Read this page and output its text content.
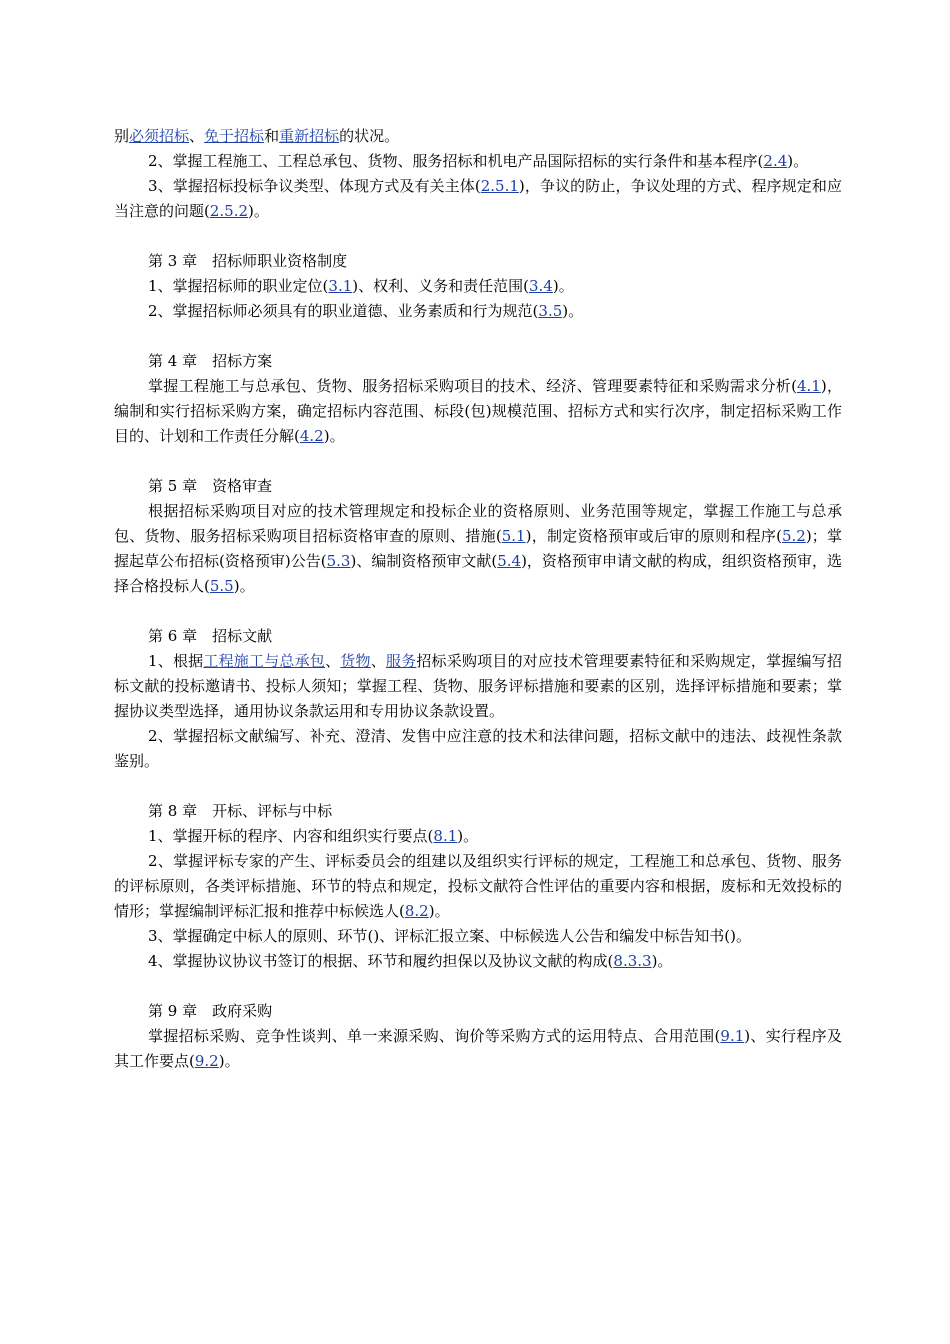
别必须招标、免于招标和重新招标的状况。

2、掌握工程施工、工程总承包、货物、服务招标和机电产品国际招标的实行条件和基本程序(2.4)。

3、掌握招标投标争议类型、体现方式及有关主体(2.5.1)，争议的防止，争议处理的方式、程序规定和应当注意的问题(2.5.2)。

第 3 章　招标师职业资格制度

1、掌握招标师的职业定位(3.1)、权利、义务和责任范围(3.4)。

2、掌握招标师必须具有的职业道德、业务素质和行为规范(3.5)。

第 4 章　招标方案

掌握工程施工与总承包、货物、服务招标采购项目的技术、经济、管理要素特征和采购需求分析(4.1)，编制和实行招标采购方案，确定招标内容范围、标段(包)规模范围、招标方式和实行次序，制定招标采购工作目的、计划和工作责任分解(4.2)。

第 5 章　资格审查

根据招标采购项目对应的技术管理规定和投标企业的资格原则、业务范围等规定，掌握工作施工与总承包、货物、服务招标采购项目招标资格审查的原则、措施(5.1)，制定资格预审或后审的原则和程序(5.2)；掌握起草公布招标(资格预审)公告(5.3)、编制资格预审文献(5.4)，资格预审申请文献的构成，组织资格预审，选择合格投标人(5.5)。

第 6 章　招标文献

1、根据工程施工与总承包、货物、服务招标采购项目的对应技术管理要素特征和采购规定，掌握编写招标文献的投标邀请书、投标人须知；掌握工程、货物、服务评标措施和要素的区别，选择评标措施和要素；掌握协议类型选择，通用协议条款运用和专用协议条款设置。

2、掌握招标文献编写、补充、澄清、发售中应注意的技术和法律问题，招标文献中的违法、歧视性条款鉴别。

第 8 章　开标、评标与中标

1、掌握开标的程序、内容和组织实行要点(8.1)。

2、掌握评标专家的产生、评标委员会的组建以及组织实行评标的规定，工程施工和总承包、货物、服务的评标原则，各类评标措施、环节的特点和规定，投标文献符合性评估的重要内容和根据，废标和无效投标的情形；掌握编制评标汇报和推荐中标候选人(8.2)。

3、掌握确定中标人的原则、环节()、评标汇报立案、中标候选人公告和编发中标告知书()。

4、掌握协议协议书签订的根据、环节和履约担保以及协议文献的构成(8.3.3)。

第 9 章　政府采购

掌握招标采购、竞争性谈判、单一来源采购、询价等采购方式的运用特点、合用范围(9.1)、实行程序及其工作要点(9.2)。
